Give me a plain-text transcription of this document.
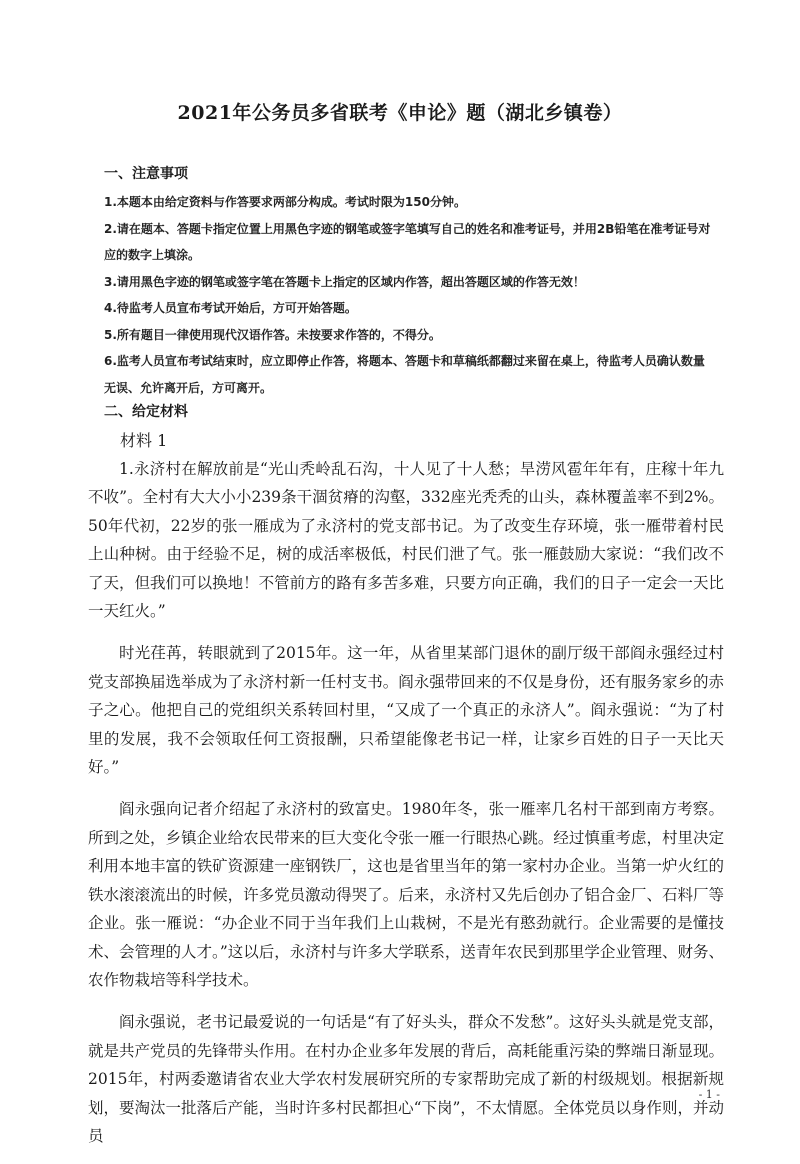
2021年公务员多省联考《申论》题（湖北乡镇卷）
一、注意事项

1.本题本由给定资料与作答要求两部分构成。考试时限为150分钟。

2.请在题本、答题卡指定位置上用黑色字迹的钢笔或签字笔填写自己的姓名和准考证号，并用2B铅笔在准考证号对应的数字上填涂。

3.请用黑色字迹的钢笔或签字笔在答题卡上指定的区域内作答，超出答题区域的作答无效！

4.待监考人员宣布考试开始后，方可开始答题。

5.所有题目一律使用现代汉语作答。未按要求作答的，不得分。

6.监考人员宣布考试结束时，应立即停止作答，将题本、答题卡和草稿纸都翻过来留在桌上，待监考人员确认数量无误、允许离开后，方可离开。

二、给定材料
材料 1

1.永济村在解放前是“光山秃岭乱石沟，十人见了十人愁；旱涝风雹年年有，庄稼十年九不收”。全村有大大小小239条干涸贫瘠的沟壑，332座光秃秃的山头，森林覆盖率不到2%。50年代初，22岁的张一雁成为了永济村的党支部书记。为了改变生存环境，张一雁带着村民上山种树。由于经验不足，树的成活率极低，村民们泄了气。张一雁鼓励大家说：“我们改不了天，但我们可以换地！不管前方的路有多苦多难，只要方向正确，我们的日子一定会一天比一天红火。”

时光荏苒，转眼就到了2015年。这一年，从省里某部门退休的副厅级干部阎永强经过村党支部换届选举成为了永济村新一任村支书。阎永强带回来的不仅是身份，还有服务家乡的赤子之心。他把自己的党组织关系转回村里，“又成了一个真正的永济人”。阎永强说：“为了村里的发展，我不会领取任何工资报酬，只希望能像老书记一样，让家乡百姓的日子一天比天好。”

阎永强向记者介绍起了永济村的致富史。1980年冬，张一雁率几名村干部到南方考察。所到之处，乡镇企业给农民带来的巨大变化令张一雁一行眼热心跳。经过慎重考虑，村里决定利用本地丰富的铁矿资源建一座钢铁厂，这也是省里当年的第一家村办企业。当第一炉火红的铁水滚滚流出的时候，许多党员激动得哭了。后来，永济村又先后创办了铝合金厂、石料厂等企业。张一雁说：“办企业不同于当年我们上山栽树，不是光有憨劲就行。企业需要的是懂技术、会管理的人才。”这以后，永济村与许多大学联系，送青年农民到那里学企业管理、财务、农作物栽培等科学技术。

阎永强说，老书记最爱说的一句话是“有了好头头，群众不发愁”。这好头头就是党支部，就是共产党员的先锋带头作用。在村办企业多年发展的背后，高耗能重污染的弊端日渐显现。2015年，村两委邀请省农业大学农村发展研究所的专家帮助完成了新的村级规划。根据新规划，要淘汰一批落后产能，当时许多村民都担心“下岗”，不太情愿。全体党员以身作则，并动员

- 1 -
